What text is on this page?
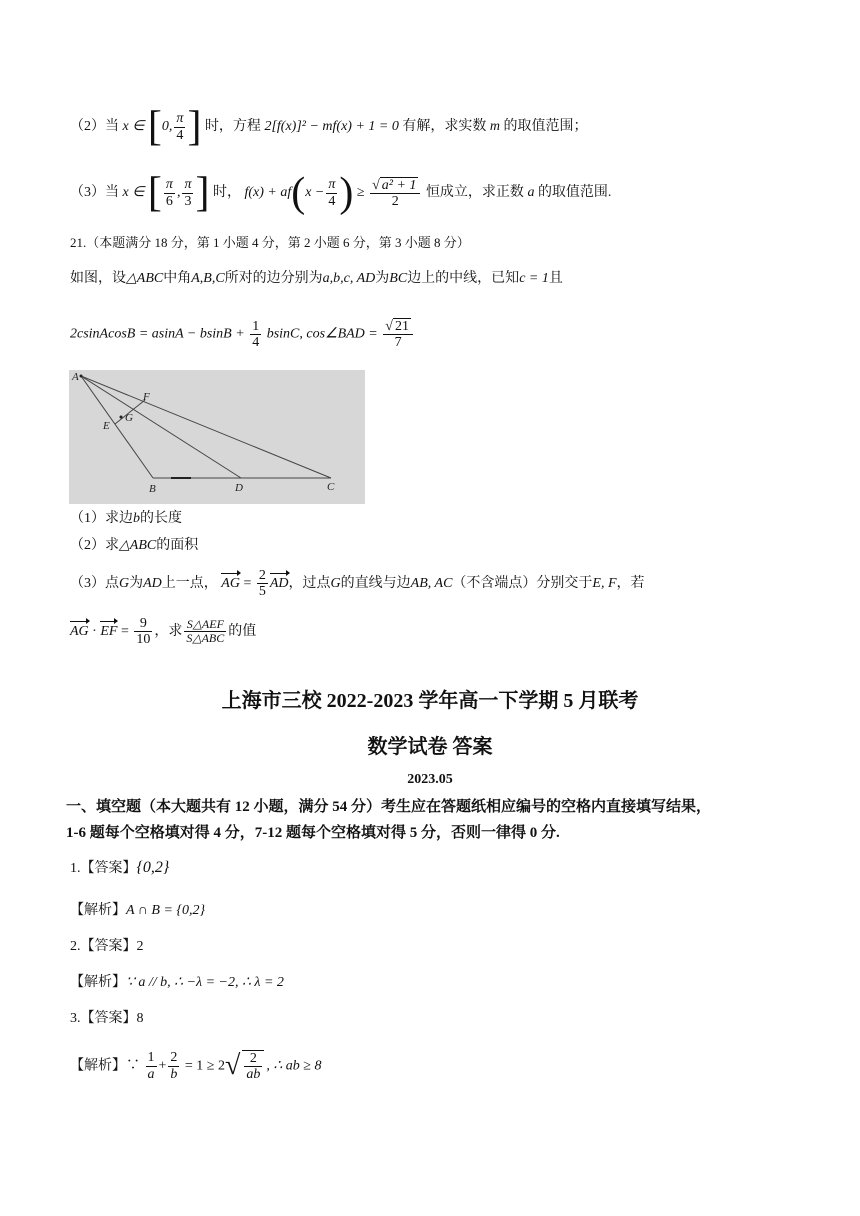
（2）当 x ∈ [0, $\frac{\pi}{4}$ ] 时，方程 2[f(x)]² − mf(x) + 1 = 0 有解，求实数 m 的取值范围；
（3）当 x ∈ [ $\frac{\pi}{6}$ , $\frac{\pi}{3}$ ] 时， $f(x) + af(x - \frac{\pi}{4}$ ) ≥ $\frac{\text{√ a² + 1}}{2}$ 恒成立，求正数 a 的取值范围.
21.（本题满分 18 分，第 1 小题 4 分，第 2 小题 6 分，第 3 小题 8 分）
如图，设△ABC中角A,B,C所对的边分别为a,b,c, AD为BC边上的中线，已知c = 1且
2csinAcosB = $asinA - bsinB + \frac{1}{4} bsinC$, cos∠BAD = $\frac{√ 21}{7}$
A
B	C
D
E
F
G
（1）求边b的长度
（2）求△ABC的面积
（3）点G为AD上一点， AG = $\frac{2}{5}$ AD，过点G的直线与边AB, AC（不含端点）分别交于E, F，若
AG · EF = $\frac{9}{10}$ ，求 $\frac{\text{S△AEF}}{\text{S△ABC}}$ 的值
上海市三校 2022-2023 学年高一下学期 5 月联考
数学试卷 答案
2023.05
一、填空题（本大题共有 12 小题，满分 54 分）考生应在答题纸相应编号的空格内直接填写结果，
1-6 题每个空格填对得 4 分，7-12 题每个空格填对得 5 分，否则一律得 0 分.
1.【答案】{0,2}
【解析】A ∩ B = {0,2}
2.【答案】2
【解析】∵ a // b, ∴ −λ = −2, ∴ λ = 2
3.【答案】8
【解析】∵ $\frac{1}{a} + \frac{2}{b} = 1 \ge 2√ \frac{2}{ab}$ , ∴ ab ≥ 8
